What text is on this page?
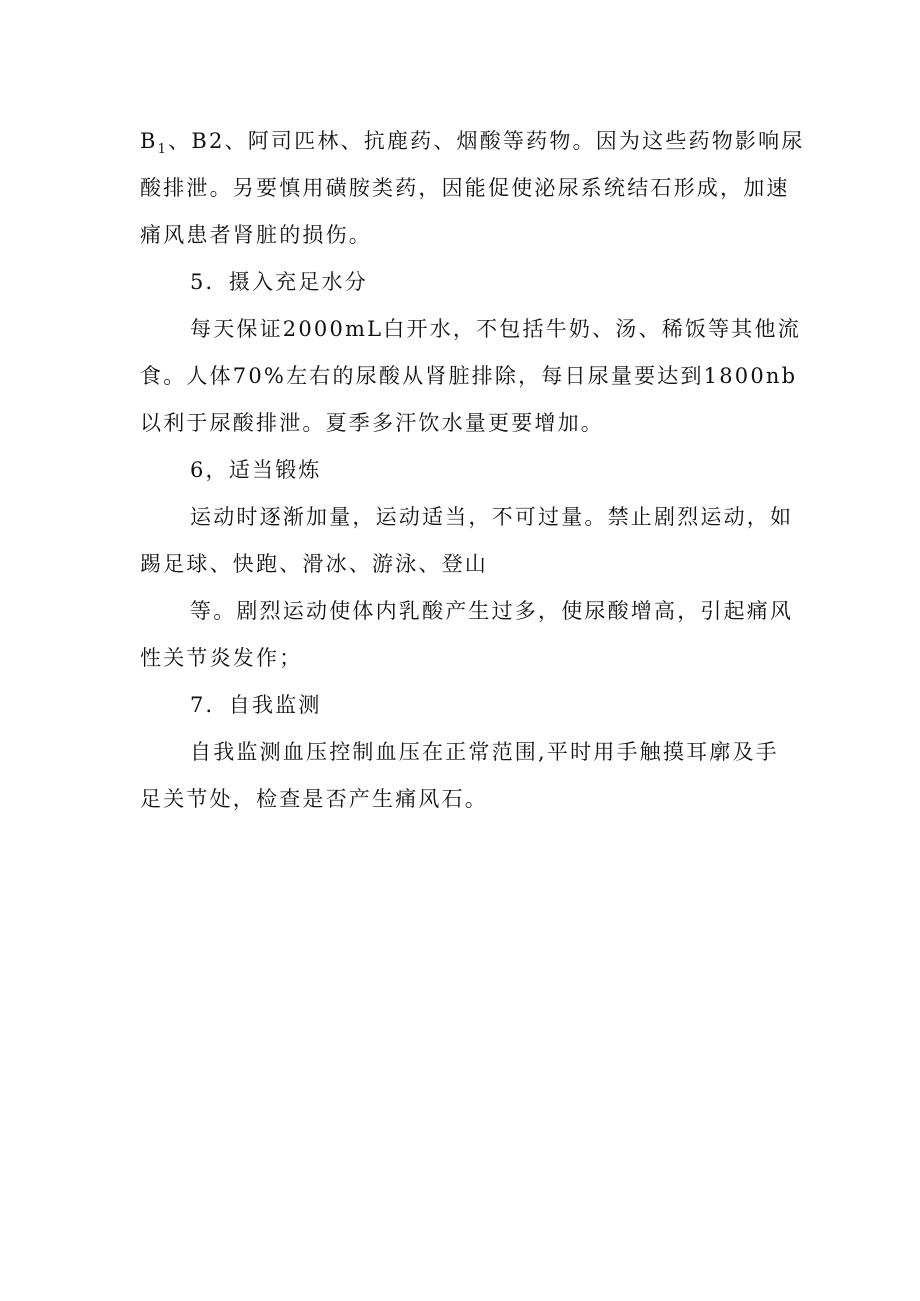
$B_1$、B2、阿司匹林、抗鹿药、烟酸等药物。因为这些药物影响尿
酸排泄。另要慎用磺胺类药，因能促使泌尿系统结石形成，加速
痛风患者肾脏的损伤。
5．摄入充足水分
每天保证2000mL白开水，不包括牛奶、汤、稀饭等其他流
食。人体70%左右的尿酸从肾脏排除，每日尿量要达到1800nb
以利于尿酸排泄。夏季多汗饮水量更要增加。
6，适当锻炼
运动时逐渐加量，运动适当，不可过量。禁止剧烈运动，如
踢足球、快跑、滑冰、游泳、登山
等。剧烈运动使体内乳酸产生过多，使尿酸增高，引起痛风
性关节炎发作；
7．自我监测
自我监测血压控制血压在正常范围,平时用手触摸耳廓及手
足关节处，检查是否产生痛风石。
